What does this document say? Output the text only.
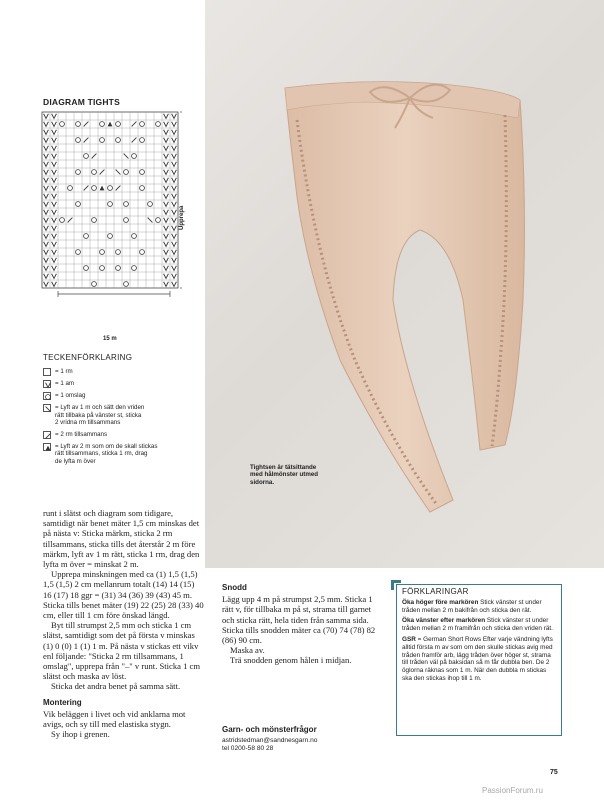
Tightsen är tätsittande med hålmönster utmed sidorna.
DIAGRAM TIGHTS
Upprepa
15 m
TECKENFÖRKLARING
= 1 rm
= 1 am
= 1 omslag
= Lyft av 1 m och sätt den vriden
rätt tillbaka på vänster st, sticka
2 vridna rm tillsammans
= 2 rm tillsammans
= Lyft av 2 m som om de skall stickas
rätt tillsammans, sticka 1 rm, drag
de lyfta m över

runt i slätst och diagram som tidigare, samtidigt när benet mäter 1,5 cm minskas det på nästa v: Sticka märkm, sticka 2 rm tillsammans, sticka tills det återstår 2 m före märkm, lyft av 1 m rätt, sticka 1 rm, drag den lyfta m över = minskat 2 m.

Upprepa minskningen med ca (1) 1,5 (1,5) 1,5 (1,5) 2 cm mellanrum totalt (14) 14 (15) 16 (17) 18 ggr = (31) 34 (36) 39 (43) 45 m. Sticka tills benet mäter (19) 22 (25) 28 (33) 40 cm, eller till 1 cm före önskad längd.

Byt till strumpst 2,5 mm och sticka 1 cm slätst, samtidigt som det på första v minskas (1) 0 (0) 1 (1) 1 m. På nästa v stickas ett vikv enl följande: "Sticka 2 rm tillsammans, 1 omslag", upprepa från "–" v runt. Sticka 1 cm slätst och maska av löst.

Sticka det andra benet på samma sätt.

Montering

Vik beläggen i livet och vid anklarna mot avigs, och sy till med elastiska stygn.

Sy ihop i grenen.

Snodd

Lägg upp 4 m på strumpst 2,5 mm. Sticka 1 rätt v, för tillbaka m på st, strama till garnet och sticka rätt, hela tiden från samma sida. Sticka tills snodden mäter ca (70) 74 (78) 82 (86) 90 cm.

Maska av.

Trä snodden genom hålen i midjan.

Garn- och mönsterfrågor
astridstedman@sandnesgarn.no
tel 0200-58 80 28
FÖRKLARINGAR

Öka höger före markören Stick vänster st under tråden mellan 2 m bakifrån och sticka den rät.

Öka vänster efter markören Stick vänster st under tråden mellan 2 m framifrån och sticka den vriden rät.

GSR = German Short Rows Efter varje vändning lyfts alltid första m av som om den skulle stickas avig med tråden framför arb, lägg tråden över höger st, strama till tråden väl på baksidan så m får dubbla ben. De 2 öglorna räknas som 1 m. När den dubbla m stickas ska den stickas ihop till 1 m.

75
PassionForum.ru
